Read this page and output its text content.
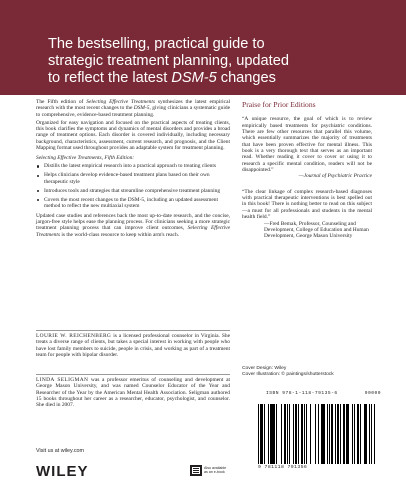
The bestselling, practical guide to
strategic treatment planning, updated
to reflect the latest DSM-5 changes

The Fifth edition of Selecting Effective Treatments synthesizes the latest empirical research with the most recent changes to the DSM-5, giving clinicians a systematic guide to comprehensive, evidence-based treatment planning.

Organized for easy navigation and focused on the practical aspects of treating clients, this book clarifies the symptoms and dynamics of mental disorders and provides a broad range of treatment options. Each disorder is covered individually, including necessary background, characteristics, assessment, current research, and prognosis, and the Client Mapping format used throughout provides an adaptable system for treatment planning.

Selecting Effective Treatments, Fifth Edition:

Distills the latest empirical research into a practical approach to treating clients
Helps clinicians develop evidence-based treatment plans based on their own therapeutic style
Introduces tools and strategies that streamline comprehensive treatment planning
Covers the most recent changes to the DSM-5, including an updated assessment method to reflect the new multiaxial system

Updated case studies and references back the most up-to-date research, and the concise, jargon-free style helps ease the planning process. For clinicians seeking a more strategic treatment planning process that can improve client outcomes, Selecting Effective Treatments is the world-class resource to keep within arm's reach.

LOURIE W. REICHENBERG is a licensed professional counselor in Virginia. She treats a diverse range of clients, but takes a special interest in working with people who have lost family members to suicide, people in crisis, and working as part of a treatment team for people with bipolar disorder.
LINDA SELIGMAN was a professor emeritus of counseling and development at George Mason University, and was named Counselor Educator of the Year and Researcher of the Year by the American Mental Health Association. Seligman authored 15 books throughout her career as a researcher, educator, psychologist, and counselor. She died in 2007.
Visit us at wiley.com
WILEY	Also available
as an e-book
Praise for Prior Editions
“A unique resource, the goal of which is to review empirically based treatments for psychiatric conditions. There are few other resources that parallel this volume, which essentially summarizes the majority of treatments that have been proven effective for mental illness. This book is a very thorough text that serves as an important read. Whether reading it cover to cover or using it to research a specific mental condition, readers will not be disappointed.”
—Journal of Psychiatric Practice
“The clear linkage of complex research-based diagnoses with practical therapeutic interventions is best spelled out in this book! There is nothing better to read on this subject—a must for all professionals and students in the mental health field.”
—Fred Bemak, Professor, Counseling and Development, College of Education and Human Development, George Mason University
Cover Design: Wiley
Cover Illustration: © paintings/shutterstock
ISBN 978-1-118-79135-6	90000
9 781118 791356
